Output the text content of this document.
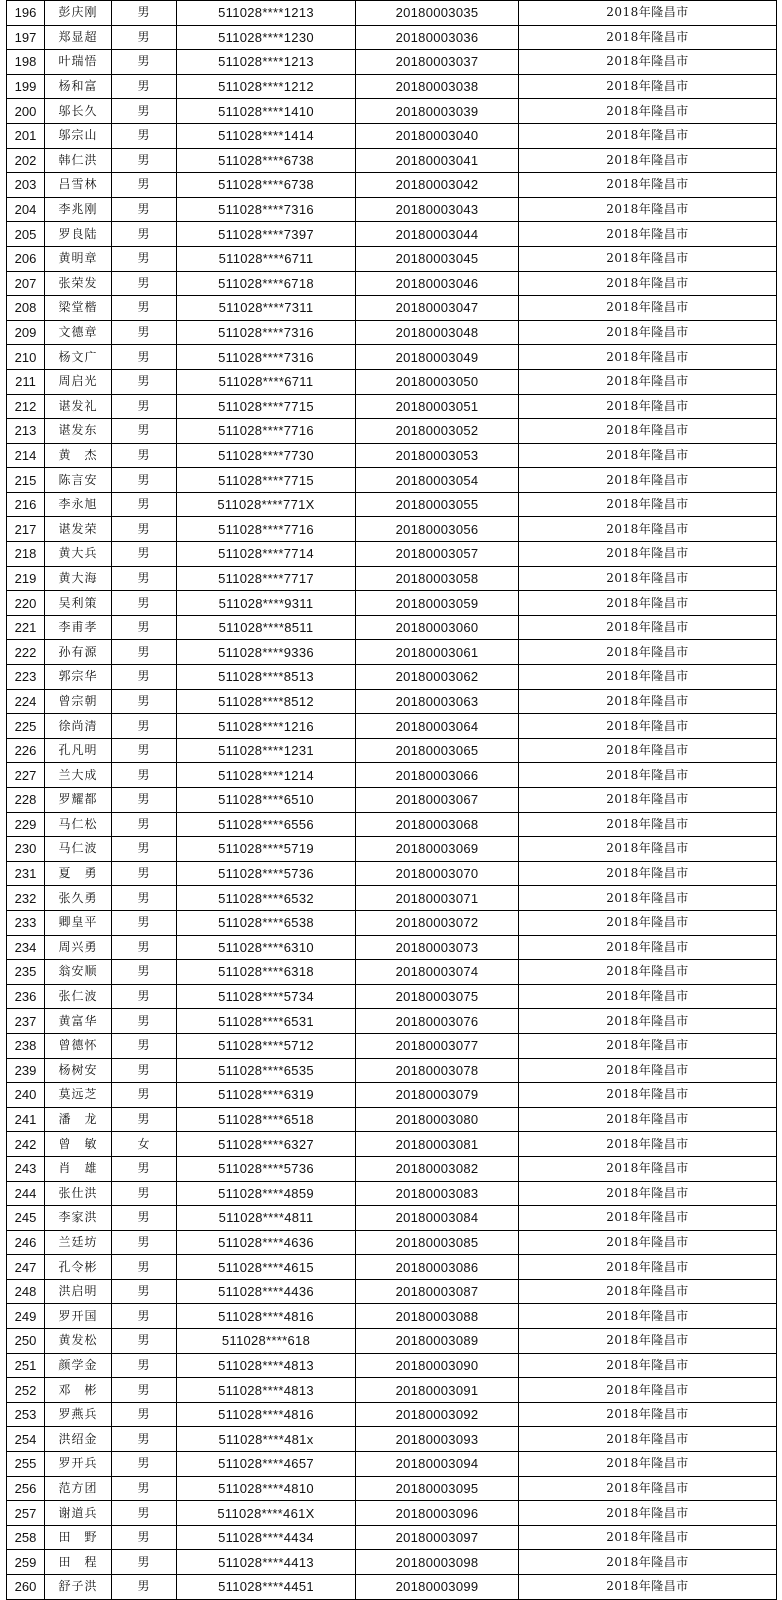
196	彭庆刚	男	511028****1213	20180003035	2018年隆昌市
197	郑显超	男	511028****1230	20180003036	2018年隆昌市
198	叶瑞悟	男	511028****1213	20180003037	2018年隆昌市
199	杨和富	男	511028****1212	20180003038	2018年隆昌市
200	邬长久	男	511028****1410	20180003039	2018年隆昌市
201	邬宗山	男	511028****1414	20180003040	2018年隆昌市
202	韩仁洪	男	511028****6738	20180003041	2018年隆昌市
203	吕雪林	男	511028****6738	20180003042	2018年隆昌市
204	李兆刚	男	511028****7316	20180003043	2018年隆昌市
205	罗良陆	男	511028****7397	20180003044	2018年隆昌市
206	黄明章	男	511028****6711	20180003045	2018年隆昌市
207	张荣发	男	511028****6718	20180003046	2018年隆昌市
208	梁堂楷	男	511028****7311	20180003047	2018年隆昌市
209	文德章	男	511028****7316	20180003048	2018年隆昌市
210	杨文广	男	511028****7316	20180003049	2018年隆昌市
211	周启光	男	511028****6711	20180003050	2018年隆昌市
212	谌发礼	男	511028****7715	20180003051	2018年隆昌市
213	谌发东	男	511028****7716	20180003052	2018年隆昌市
214	黄　杰	男	511028****7730	20180003053	2018年隆昌市
215	陈言安	男	511028****7715	20180003054	2018年隆昌市
216	李永旭	男	511028****771X	20180003055	2018年隆昌市
217	谌发荣	男	511028****7716	20180003056	2018年隆昌市
218	黄大兵	男	511028****7714	20180003057	2018年隆昌市
219	黄大海	男	511028****7717	20180003058	2018年隆昌市
220	吴利策	男	511028****9311	20180003059	2018年隆昌市
221	李甫孝	男	511028****8511	20180003060	2018年隆昌市
222	孙有源	男	511028****9336	20180003061	2018年隆昌市
223	郭宗华	男	511028****8513	20180003062	2018年隆昌市
224	曾宗朝	男	511028****8512	20180003063	2018年隆昌市
225	徐尚清	男	511028****1216	20180003064	2018年隆昌市
226	孔凡明	男	511028****1231	20180003065	2018年隆昌市
227	兰大成	男	511028****1214	20180003066	2018年隆昌市
228	罗耀都	男	511028****6510	20180003067	2018年隆昌市
229	马仁松	男	511028****6556	20180003068	2018年隆昌市
230	马仁波	男	511028****5719	20180003069	2018年隆昌市
231	夏　勇	男	511028****5736	20180003070	2018年隆昌市
232	张久勇	男	511028****6532	20180003071	2018年隆昌市
233	卿皇平	男	511028****6538	20180003072	2018年隆昌市
234	周兴勇	男	511028****6310	20180003073	2018年隆昌市
235	翁安顺	男	511028****6318	20180003074	2018年隆昌市
236	张仁波	男	511028****5734	20180003075	2018年隆昌市
237	黄富华	男	511028****6531	20180003076	2018年隆昌市
238	曾德怀	男	511028****5712	20180003077	2018年隆昌市
239	杨树安	男	511028****6535	20180003078	2018年隆昌市
240	莫远芝	男	511028****6319	20180003079	2018年隆昌市
241	潘　龙	男	511028****6518	20180003080	2018年隆昌市
242	曾　敏	女	511028****6327	20180003081	2018年隆昌市
243	肖　雄	男	511028****5736	20180003082	2018年隆昌市
244	张仕洪	男	511028****4859	20180003083	2018年隆昌市
245	李家洪	男	511028****4811	20180003084	2018年隆昌市
246	兰廷坊	男	511028****4636	20180003085	2018年隆昌市
247	孔令彬	男	511028****4615	20180003086	2018年隆昌市
248	洪启明	男	511028****4436	20180003087	2018年隆昌市
249	罗开国	男	511028****4816	20180003088	2018年隆昌市
250	黄发松	男	511028****618	20180003089	2018年隆昌市
251	颜学金	男	511028****4813	20180003090	2018年隆昌市
252	邓　彬	男	511028****4813	20180003091	2018年隆昌市
253	罗燕兵	男	511028****4816	20180003092	2018年隆昌市
254	洪绍金	男	511028****481x	20180003093	2018年隆昌市
255	罗开兵	男	511028****4657	20180003094	2018年隆昌市
256	范方团	男	511028****4810	20180003095	2018年隆昌市
257	谢道兵	男	511028****461X	20180003096	2018年隆昌市
258	田　野	男	511028****4434	20180003097	2018年隆昌市
259	田　程	男	511028****4413	20180003098	2018年隆昌市
260	舒子洪	男	511028****4451	20180003099	2018年隆昌市
